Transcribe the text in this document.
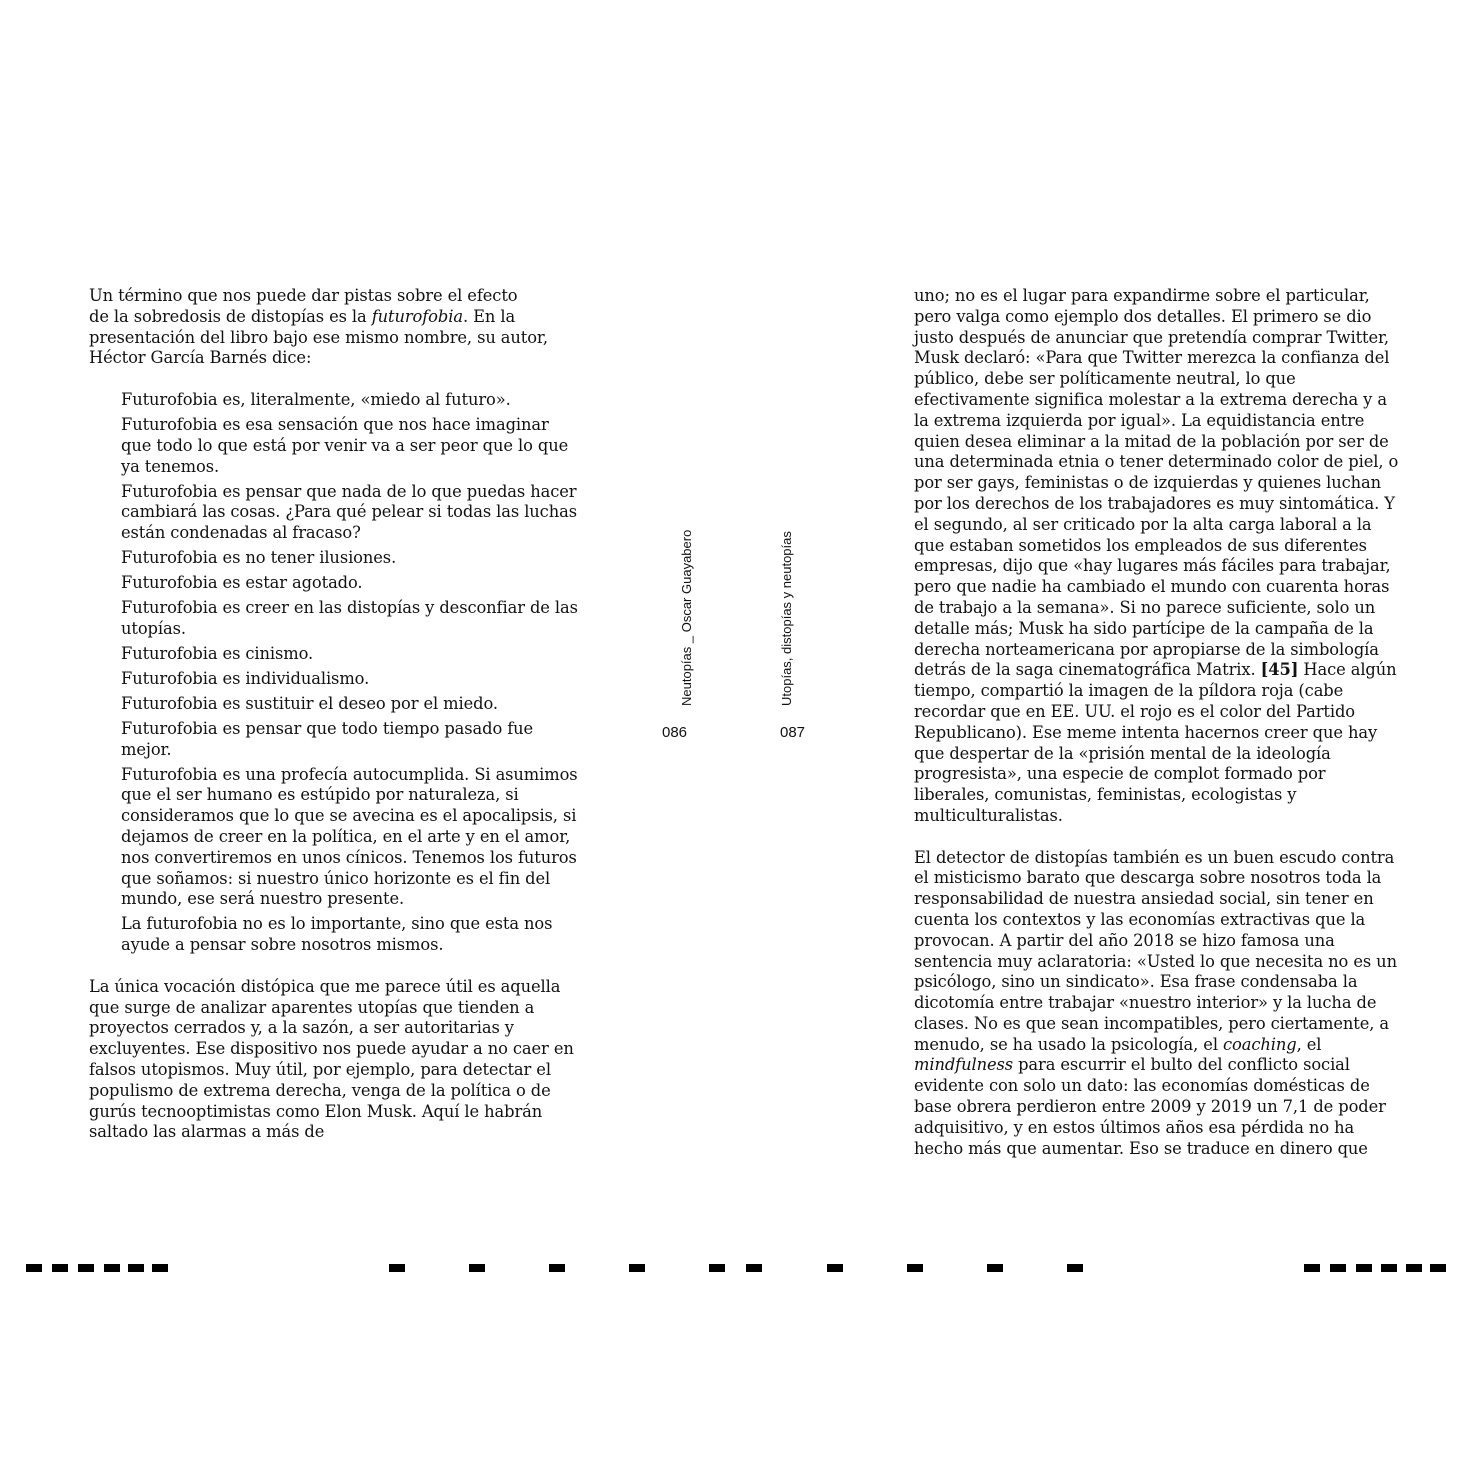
Un término que nos puede dar pistas sobre el efecto
de la sobredosis de distopías es la futurofobia. En la
presentación del libro bajo ese mismo nombre, su autor,
Héctor García Barnés dice:

Futurofobia es, literalmente, «miedo al futuro».

Futurofobia es esa sensación que nos hace imaginar que todo lo que está por venir va a ser peor que lo que ya tenemos.

Futurofobia es pensar que nada de lo que puedas hacer cambiará las cosas. ¿Para qué pelear si todas las luchas están condenadas al fracaso?

Futurofobia es no tener ilusiones.

Futurofobia es estar agotado.

Futurofobia es creer en las distopías y desconfiar de las utopías.

Futurofobia es cinismo.

Futurofobia es individualismo.

Futurofobia es sustituir el deseo por el miedo.

Futurofobia es pensar que todo tiempo pasado fue mejor.

Futurofobia es una profecía autocumplida. Si asumimos que el ser humano es estúpido por naturaleza, si consideramos que lo que se avecina es el apocalipsis, si dejamos de creer en la política, en el arte y en el amor, nos convertiremos en unos cínicos. Tenemos los futuros que soñamos: si nuestro único horizonte es el fin del mundo, ese será nuestro presente.

La futurofobia no es lo importante, sino que esta nos ayude a pensar sobre nosotros mismos.

La única vocación distópica que me parece útil es aquella que surge de analizar aparentes utopías que tienden a proyectos cerrados y, a la sazón, a ser autoritarias y excluyentes. Ese dispositivo nos puede ayudar a no caer en falsos utopismos. Muy útil, por ejemplo, para detectar el populismo de extrema derecha, venga de la política o de gurús tecnooptimistas como Elon Musk. Aquí le habrán saltado las alarmas a más de

Neutopías _ Oscar Guayabero
086
Utopías, distopías y neutopías
087

uno; no es el lugar para expandirme sobre el particular, pero valga como ejemplo dos detalles. El primero se dio justo después de anunciar que pretendía comprar Twitter, Musk declaró: «Para que Twitter merezca la confianza del público, debe ser políticamente neutral, lo que efectivamente significa molestar a la extrema derecha y a la extrema izquierda por igual». La equidistancia entre quien desea eliminar a la mitad de la población por ser de una determinada etnia o tener determinado color de piel, o por ser gays, feministas o de izquierdas y quienes luchan por los derechos de los trabajadores es muy sintomática. Y el segundo, al ser criticado por la alta carga laboral a la que estaban sometidos los empleados de sus diferentes empresas, dijo que «hay lugares más fáciles para trabajar, pero que nadie ha cambiado el mundo con cuarenta horas de trabajo a la semana». Si no parece suficiente, solo un detalle más; Musk ha sido partícipe de la campaña de la derecha norteamericana por apropiarse de la simbología detrás de la saga cinematográfica Matrix. [45] Hace algún tiempo, compartió la imagen de la píldora roja (cabe recordar que en EE. UU. el rojo es el color del Partido Republicano). Ese meme intenta hacernos creer que hay que despertar de la «prisión mental de la ideología progresista», una especie de complot formado por liberales, comunistas, feministas, ecologistas y multiculturalistas.

El detector de distopías también es un buen escudo contra el misticismo barato que descarga sobre nosotros toda la responsabilidad de nuestra ansiedad social, sin tener en cuenta los contextos y las economías extractivas que la provocan. A partir del año 2018 se hizo famosa una sentencia muy aclaratoria: «Usted lo que necesita no es un psicólogo, sino un sindicato». Esa frase condensaba la dicotomía entre trabajar «nuestro interior» y la lucha de clases. No es que sean incompatibles, pero ciertamente, a menudo, se ha usado la psicología, el coaching, el mindfulness para escurrir el bulto del conflicto social evidente con solo un dato: las economías domésticas de base obrera perdieron entre 2009 y 2019 un 7,1 de poder adquisitivo, y en estos últimos años esa pérdida no ha hecho más que aumentar. Eso se traduce en dinero que
